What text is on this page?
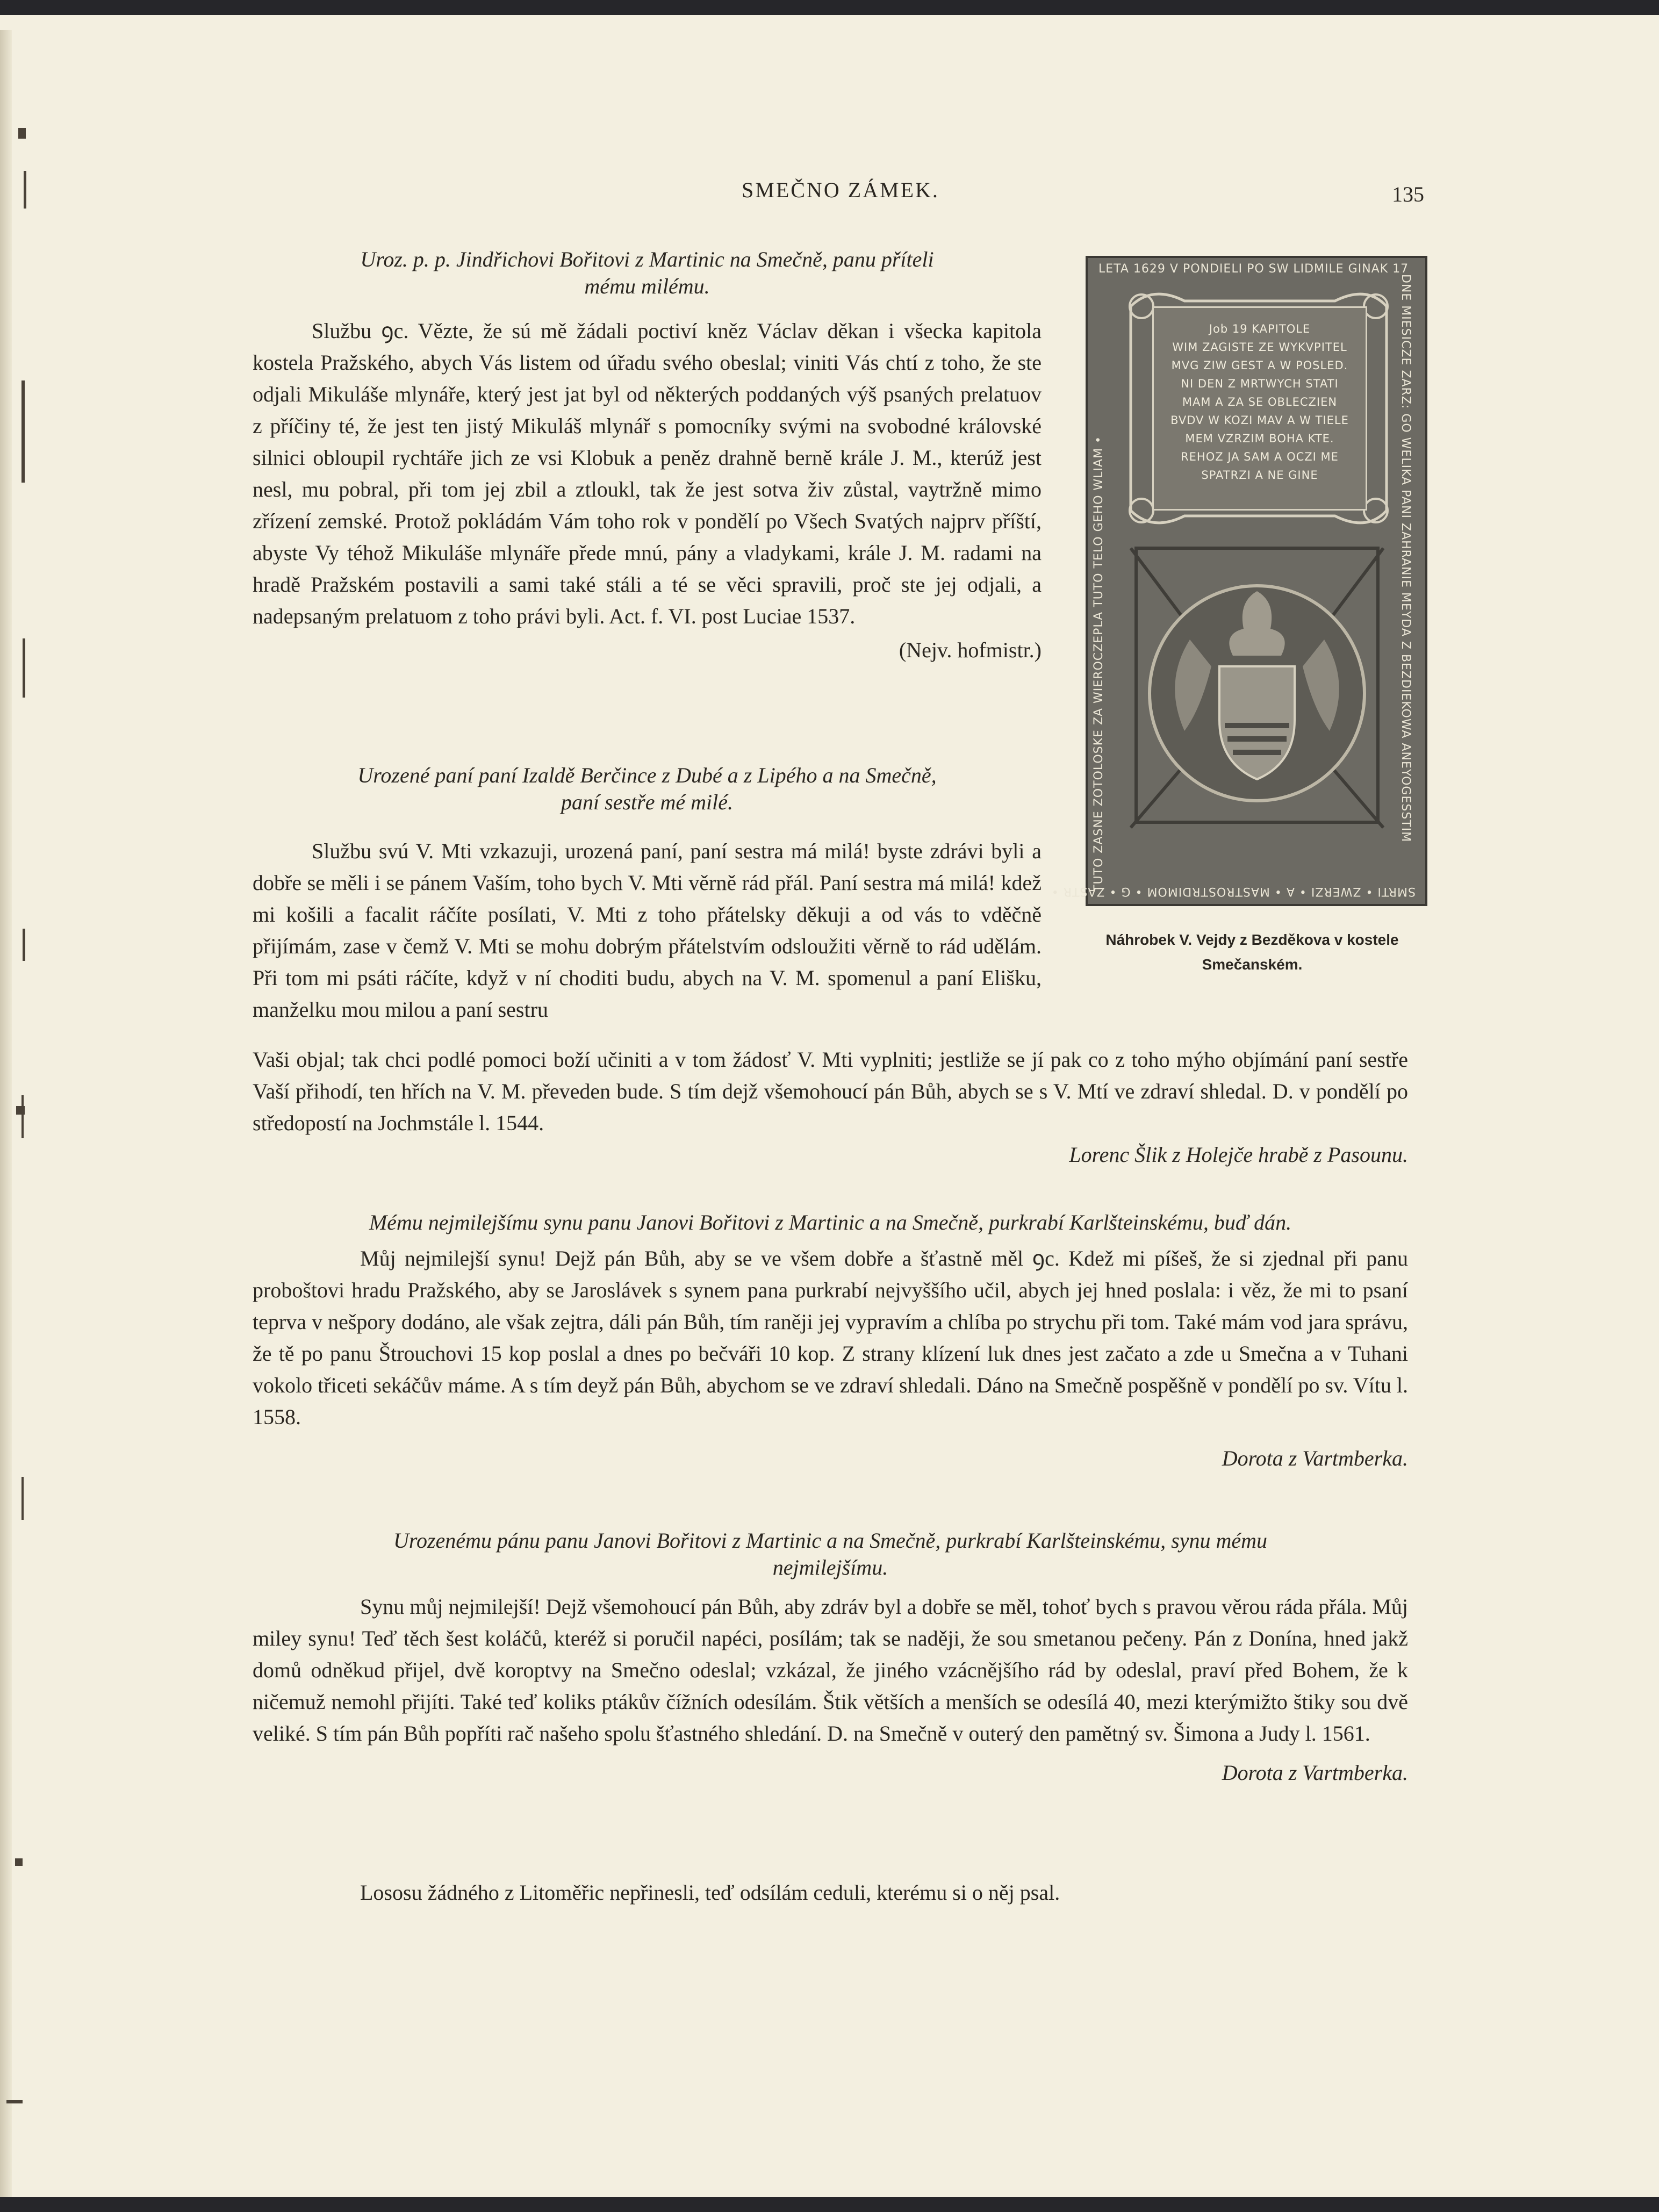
SMEČNO ZÁMEK.	135

Uroz. p. p. Jindřichovi Bořitovi z Martinic na Smečně, panu příteli
mému milému.

Službu ꝯc. Vězte, že sú mě žádali poctiví kněz Václav děkan i všecka kapitola kostela Pražského, abych Vás listem od úřadu svého obeslal; viniti Vás chtí z toho, že ste odjali Mikuláše mlynáře, který jest jat byl od některých poddaných výš psaných prelatuov z příčiny té, že jest ten jistý Mikuláš mlynář s pomocníky svými na svobodné královské silnici obloupil rychtáře jich ze vsi Klobuk a peněz drahně berně krále J. M., kterúž jest nesl, mu pobral, při tom jej zbil a ztloukl, tak že jest sotva živ zůstal, vaytržně mimo zřízení zemské. Protož pokládám Vám toho rok v pondělí po Všech Svatých najprv příští, abyste Vy téhož Mikuláše mlynáře přede mnú, pány a vladykami, krále J. M. radami na hradě Pražském postavili a sami také stáli a té se věci spravili, proč ste jej odjali, a nadepsaným prelatuom z toho právi byli. Act. f. VI. post Luciae 1537.

(Nejv. hofmistr.)

Urozené paní paní Izaldě Berčince z Dubé a z Lipého a na Smečně,
paní sestře mé milé.

Službu svú V. Mti vzkazuji, urozená paní, paní sestra má milá! byste zdrávi byli a dobře se měli i se pánem Vaším, toho bych V. Mti věrně rád přál. Paní sestra má milá! kdež mi košili a facalit ráčíte posílati, V. Mti z toho přátelsky děkuji a od vás to vděčně přijímám, zase v čemž V. Mti se mohu dobrým přátelstvím odsloužiti věrně to rád udělám. Při tom mi psáti ráčíte, když v ní choditi budu, abych na V. M. spomenul a paní Elišku, manželku mou milou a paní sestru

Vaši objal; tak chci podlé pomoci boží učiniti a v tom žádosť V. Mti vyplniti; jestliže se jí pak co z toho mýho objímání paní sestře Vaší přihodí, ten hřích na V. M. převeden bude. S tím dejž všemohoucí pán Bůh, abych se s V. Mtí ve zdraví shledal. D. v pondělí po středopostí na Jochmstále l. 1544.

Lorenc Šlik z Holejče hrabě z Pasounu.

Mému nejmilejšímu synu panu Janovi Bořitovi z Martinic a na Smečně, purkrabí Karlšteinskému, buď dán.

Můj nejmilejší synu! Dejž pán Bůh, aby se ve všem dobře a šťastně měl ꝯc. Kdež mi píšeš, že si zjednal při panu proboštovi hradu Pražského, aby se Jaroslávek s synem pana purkrabí nejvyššího učil, abych jej hned poslala: i věz, že mi to psaní teprva v nešpory dodáno, ale však zejtra, dáli pán Bůh, tím raněji jej vypravím a chlíba po strychu při tom. Také mám vod jara správu, že tě po panu Štrouchovi 15 kop poslal a dnes po bečváři 10 kop. Z strany klízení luk dnes jest začato a zde u Smečna a v Tuhani vokolo třiceti sekáčův máme. A s tím deyž pán Bůh, abychom se ve zdraví shledali. Dáno na Smečně pospěšně v pondělí po sv. Vítu l. 1558.

Dorota z Vartmberka.

Urozenému pánu panu Janovi Bořitovi z Martinic a na Smečně, purkrabí Karlšteinskému, synu mému
nejmilejšímu.

Synu můj nejmilejší! Dejž všemohoucí pán Bůh, aby zdráv byl a dobře se měl, tohoť bych s pravou věrou ráda přála. Můj miley synu! Teď těch šest koláčů, kteréž si poručil napéci, posílám; tak se naději, že sou smetanou pečeny. Pán z Donína, hned jakž domů odněkud přijel, dvě koroptvy na Smečno odeslal; vzkázal, že jiného vzácnějšího rád by odeslal, praví před Bohem, že k ničemuž nemohl přijíti. Také teď koliks ptákův čížních odesílám. Štik větších a menších se odesílá 40, mezi kterýmižto štiky sou dvě veliké. S tím pán Bůh popříti rač našeho spolu šťastného shledání. D. na Smečně v outerý den pamětný sv. Šimona a Judy l. 1561.

Dorota z Vartmberka.

Lososu žádného z Litoměřic nepřinesli, teď odsílám ceduli, kterému si o něj psal.

LETA 1629 V PONDIELI PO SW LIDMILE GINAK 17
DNE MIESICZE ZARZ: GO WELIKA PANI ZAHRANIE MEYDA Z BEZDIEKOWA ANEYOGESSTIM
SMRTI • ZWERZI • A • MASTROSTRDIMOM • G • ZASTR •
TUTO ZASNE ZOTOLOSKE ZA WIEROCZEPLA TUTO TELO GEHO WLIAM •
Job 19 KAPITOLE
WIM ZAGISTE ZE WYKVPITEL
MVG ZIW GEST A W POSLED.
NI DEN Z MRTWYCH STATI
MAM A ZA SE OBLECZIEN
BVDV W KOZI MAV A W TIELE
MEM VZRZIM BOHA KTE.
REHOZ JA SAM A OCZI ME
SPATRZI A NE GINE

Náhrobek V. Vejdy z Bezděkova v kostele
Smečanském.
